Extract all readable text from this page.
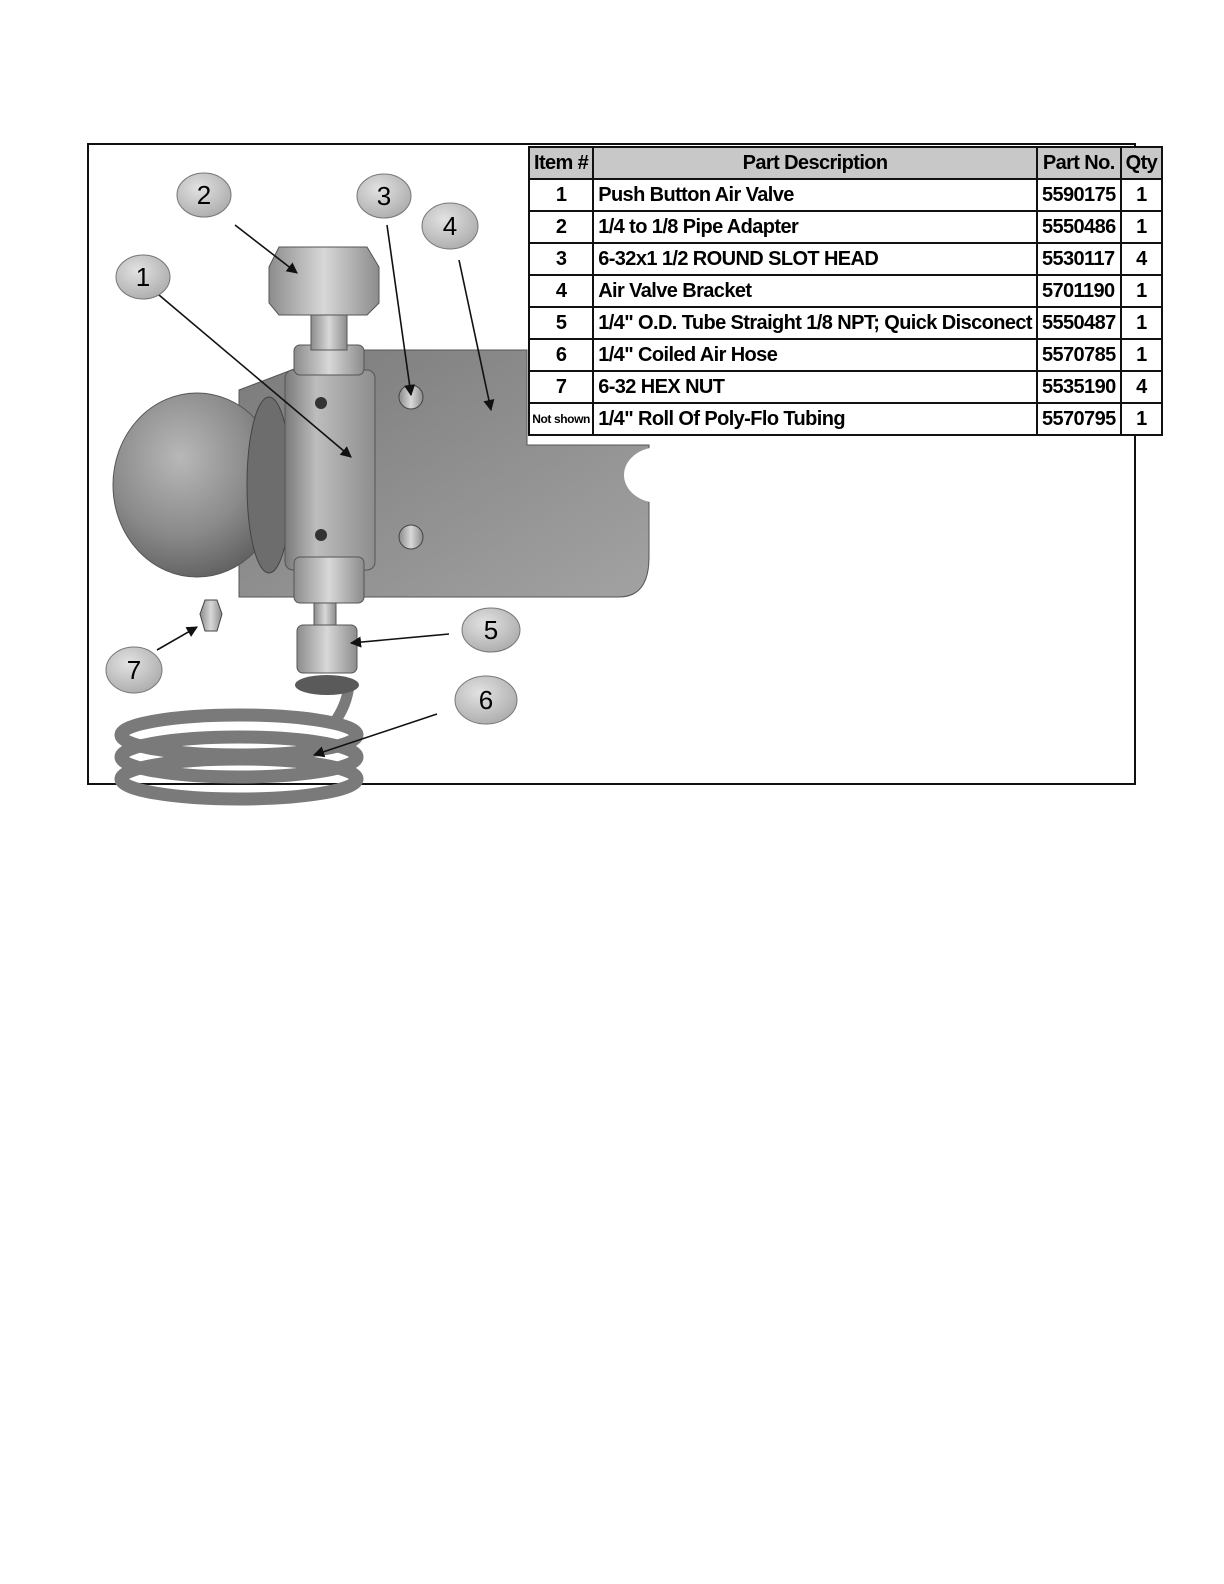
1
2	3
4
5
6
7
Item #	Part Description	Part No.	Qty
1	Push Button Air Valve	5590175	1
2	1/4 to 1/8 Pipe Adapter	5550486	1
3	6-32x1 1/2 ROUND SLOT HEAD	5530117	4
4	Air Valve Bracket	5701190	1
5	1/4" O.D. Tube Straight 1/8 NPT; Quick Disconect	5550487	1
6	1/4" Coiled Air Hose	5570785	1
7	6-32 HEX NUT	5535190	4
Not shown	1/4" Roll Of Poly-Flo Tubing	5570795	1
